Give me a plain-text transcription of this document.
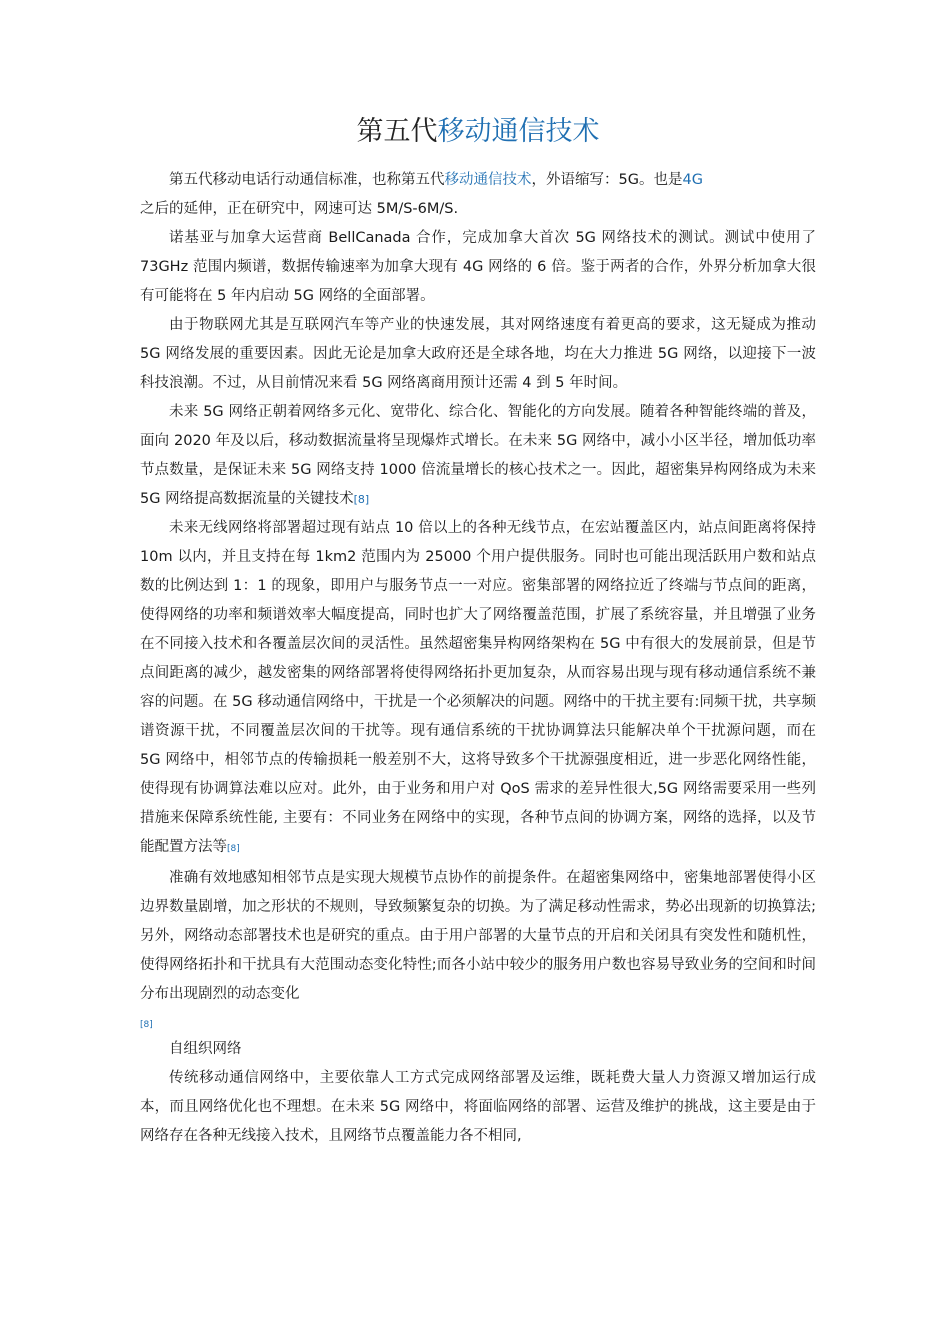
第五代移动通信技术

第五代移动电话行动通信标准，也称第五代移动通信技术，外语缩写：5G。也是4G

之后的延伸，正在研究中，网速可达 5M/S-6M/S.

诺基亚与加拿大运营商 BellCanada 合作，完成加拿大首次 5G 网络技术的测试。测试中使用了 73GHz 范围内频谱，数据传输速率为加拿大现有 4G 网络的 6 倍。鉴于两者的合作，外界分析加拿大很有可能将在 5 年内启动 5G 网络的全面部署。

由于物联网尤其是互联网汽车等产业的快速发展，其对网络速度有着更高的要求，这无疑成为推动 5G 网络发展的重要因素。因此无论是加拿大政府还是全球各地，均在大力推进 5G 网络，以迎接下一波科技浪潮。不过，从目前情况来看 5G 网络离商用预计还需 4 到 5 年时间。

未来 5G 网络正朝着网络多元化、宽带化、综合化、智能化的方向发展。随着各种智能终端的普及，面向 2020 年及以后，移动数据流量将呈现爆炸式增长。在未来 5G 网络中，减小小区半径，增加低功率节点数量，是保证未来 5G 网络支持 1000 倍流量增长的核心技术之一。因此，超密集异构网络成为未来 5G 网络提高数据流量的关键技术[8]

未来无线网络将部署超过现有站点 10 倍以上的各种无线节点，在宏站覆盖区内，站点间距离将保持 10m 以内，并且支持在每 1km2 范围内为 25000 个用户提供服务。同时也可能出现活跃用户数和站点数的比例达到 1：1 的现象，即用户与服务节点一一对应。密集部署的网络拉近了终端与节点间的距离，使得网络的功率和频谱效率大幅度提高，同时也扩大了网络覆盖范围，扩展了系统容量，并且增强了业务在不同接入技术和各覆盖层次间的灵活性。虽然超密集异构网络架构在 5G 中有很大的发展前景，但是节点间距离的减少，越发密集的网络部署将使得网络拓扑更加复杂，从而容易出现与现有移动通信系统不兼容的问题。在 5G 移动通信网络中，干扰是一个必须解决的问题。网络中的干扰主要有:同频干扰，共享频谱资源干扰，不同覆盖层次间的干扰等。现有通信系统的干扰协调算法只能解决单个干扰源问题，而在 5G 网络中，相邻节点的传输损耗一般差别不大，这将导致多个干扰源强度相近，进一步恶化网络性能，使得现有协调算法难以应对。此外，由于业务和用户对 QoS 需求的差异性很大,5G 网络需要采用一些列措施来保障系统性能, 主要有：不同业务在网络中的实现，各种节点间的协调方案，网络的选择，以及节能配置方法等[8]

准确有效地感知相邻节点是实现大规模节点协作的前提条件。在超密集网络中，密集地部署使得小区边界数量剧增，加之形状的不规则，导致频繁复杂的切换。为了满足移动性需求，势必出现新的切换算法;另外，网络动态部署技术也是研究的重点。由于用户部署的大量节点的开启和关闭具有突发性和随机性，使得网络拓扑和干扰具有大范围动态变化特性;而各小站中较少的服务用户数也容易导致业务的空间和时间分布出现剧烈的动态变化

[8]

自组织网络

传统移动通信网络中，主要依靠人工方式完成网络部署及运维，既耗费大量人力资源又增加运行成本，而且网络优化也不理想。在未来 5G 网络中，将面临网络的部署、运营及维护的挑战，这主要是由于网络存在各种无线接入技术，且网络节点覆盖能力各不相同,
